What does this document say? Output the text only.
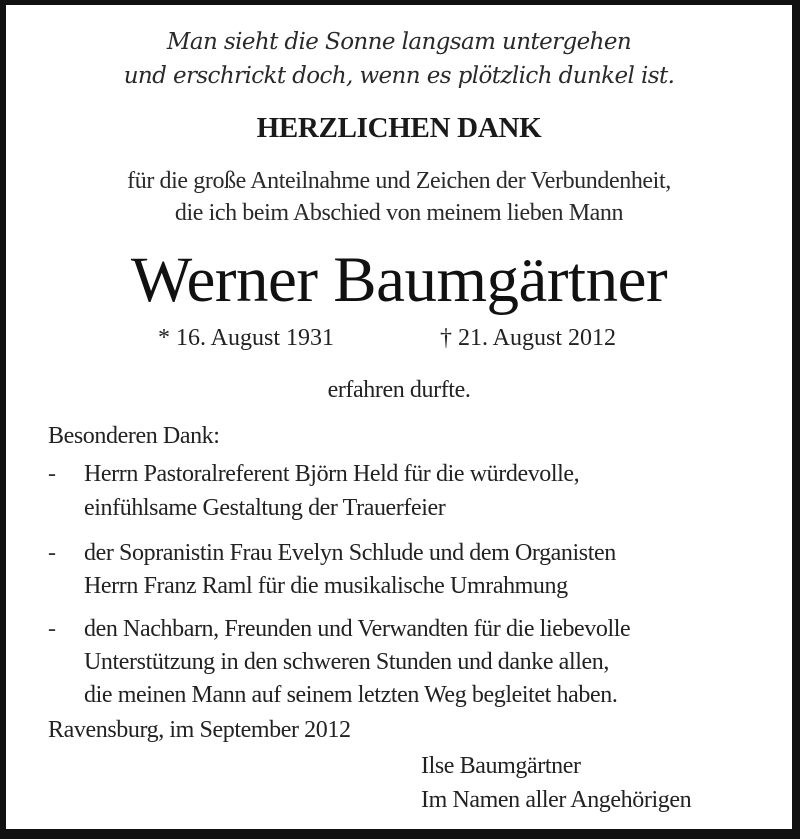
Man sieht die Sonne langsam untergehen
und erschrickt doch, wenn es plötzlich dunkel ist.
HERZLICHEN DANK
für die große Anteilnahme und Zeichen der Verbundenheit,
die ich beim Abschied von meinem lieben Mann
Werner Baumgärtner
* 16. August 1931	† 21. August 2012
erfahren durfte.
Besonderen Dank:
- Herrn Pastoralreferent Björn Held für die würdevolle,
einfühlsame Gestaltung der Trauerfeier
- der Sopranistin Frau Evelyn Schlude und dem Organisten
Herrn Franz Raml für die musikalische Umrahmung
- den Nachbarn, Freunden und Verwandten für die liebevolle
Unterstützung in den schweren Stunden und danke allen,
die meinen Mann auf seinem letzten Weg begleitet haben.
Ravensburg, im September 2012
Ilse Baumgärtner
Im Namen aller Angehörigen
